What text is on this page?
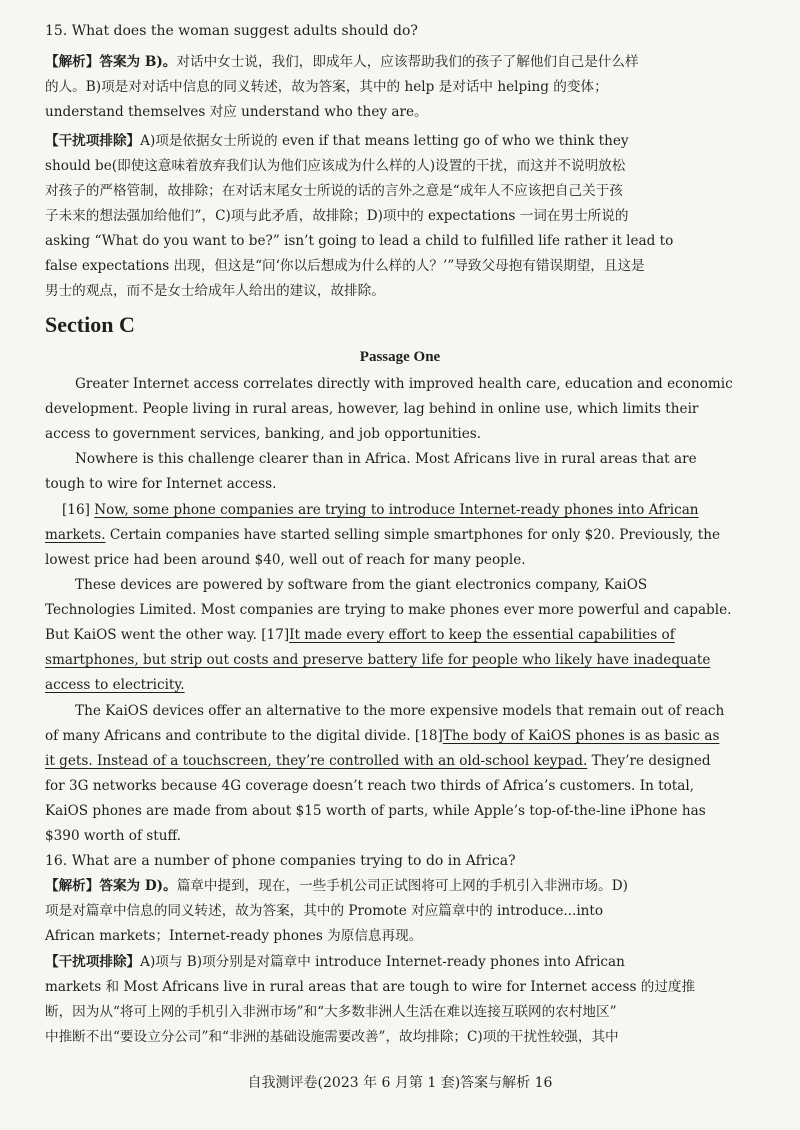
15. What does the woman suggest adults should do?
【解析】答案为 B)。对话中女士说，我们，即成年人，应该帮助我们的孩子了解他们自己是什么样
的人。B)项是对对话中信息的同义转述，故为答案，其中的 help 是对话中 helping 的变体；
understand themselves 对应 understand who they are。
【干扰项排除】A)项是依据女士所说的 even if that means letting go of who we think they
should be(即使这意味着放弃我们认为他们应该成为什么样的人)设置的干扰，而这并不说明放松
对孩子的严格管制，故排除；在对话末尾女士所说的话的言外之意是“成年人不应该把自己关于孩
子未来的想法强加给他们”，C)项与此矛盾，故排除；D)项中的 expectations 一词在男士所说的
asking “What do you want to be?” isn’t going to lead a child to fulfilled life rather it lead to
false expectations 出现，但这是“问‘你以后想成为什么样的人？’”导致父母抱有错误期望，且这是
男士的观点，而不是女士给成年人给出的建议，故排除。
Section C
Passage One
Greater Internet access correlates directly with improved health care, education and economic
development. People living in rural areas, however, lag behind in online use, which limits their
access to government services, banking, and job opportunities.
Nowhere is this challenge clearer than in Africa. Most Africans live in rural areas that are
tough to wire for Internet access.
[16] Now, some phone companies are trying to introduce Internet-ready phones into African
markets. Certain companies have started selling simple smartphones for only $20. Previously, the
lowest price had been around $40, well out of reach for many people.
These devices are powered by software from the giant electronics company, KaiOS
Technologies Limited. Most companies are trying to make phones ever more powerful and capable.
But KaiOS went the other way. [17]It made every effort to keep the essential capabilities of
smartphones, but strip out costs and preserve battery life for people who likely have inadequate
access to electricity.
The KaiOS devices offer an alternative to the more expensive models that remain out of reach
of many Africans and contribute to the digital divide. [18]The body of KaiOS phones is as basic as
it gets. Instead of a touchscreen, they’re controlled with an old-school keypad. They’re designed
for 3G networks because 4G coverage doesn’t reach two thirds of Africa’s customers. In total,
KaiOS phones are made from about $15 worth of parts, while Apple’s top-of-the-line iPhone has
$390 worth of stuff.
16. What are a number of phone companies trying to do in Africa?
【解析】答案为 D)。篇章中提到，现在，一些手机公司正试图将可上网的手机引入非洲市场。D)
项是对篇章中信息的同义转述，故为答案，其中的 Promote 对应篇章中的 introduce...into
African markets；Internet-ready phones 为原信息再现。
【干扰项排除】A)项与 B)项分别是对篇章中 introduce Internet-ready phones into African
markets 和 Most Africans live in rural areas that are tough to wire for Internet access 的过度推
断，因为从“将可上网的手机引入非洲市场”和“大多数非洲人生活在难以连接互联网的农村地区”
中推断不出“要设立分公司”和“非洲的基础设施需要改善”，故均排除；C)项的干扰性较强，其中
自我测评卷(2023 年 6 月第 1 套)答案与解析 16
